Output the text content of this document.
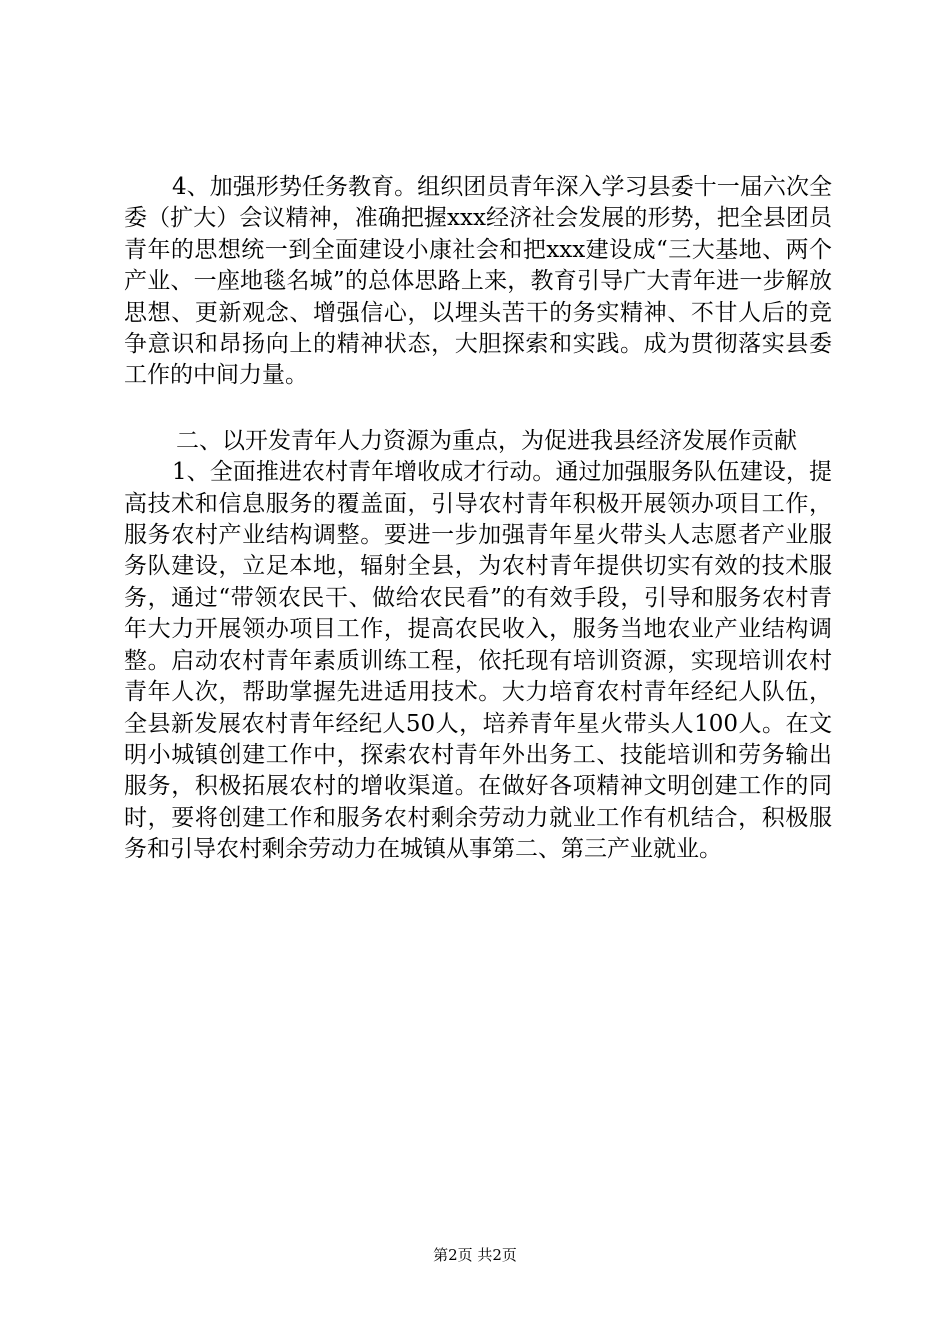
4、加强形势任务教育。组织团员青年深入学习县委十一届六次全委（扩大）会议精神，准确把握xxx经济社会发展的形势，把全县团员青年的思想统一到全面建设小康社会和把xxx建设成“三大基地、两个产业、一座地毯名城”的总体思路上来，教育引导广大青年进一步解放思想、更新观念、增强信心，以埋头苦干的务实精神、不甘人后的竞争意识和昂扬向上的精神状态，大胆探索和实践。成为贯彻落实县委工作的中间力量。

二、以开发青年人力资源为重点，为促进我县经济发展作贡献

1、全面推进农村青年增收成才行动。通过加强服务队伍建设，提高技术和信息服务的覆盖面，引导农村青年积极开展领办项目工作，服务农村产业结构调整。要进一步加强青年星火带头人志愿者产业服务队建设，立足本地，辐射全县，为农村青年提供切实有效的技术服务，通过“带领农民干、做给农民看”的有效手段，引导和服务农村青年大力开展领办项目工作，提高农民收入，服务当地农业产业结构调整。启动农村青年素质训练工程，依托现有培训资源，实现培训农村青年人次，帮助掌握先进适用技术。大力培育农村青年经纪人队伍，全县新发展农村青年经纪人50人，培养青年星火带头人100人。在文明小城镇创建工作中，探索农村青年外出务工、技能培训和劳务输出服务，积极拓展农村的增收渠道。在做好各项精神文明创建工作的同时，要将创建工作和服务农村剩余劳动力就业工作有机结合，积极服务和引导农村剩余劳动力在城镇从事第二、第三产业就业。

第2页 共2页
